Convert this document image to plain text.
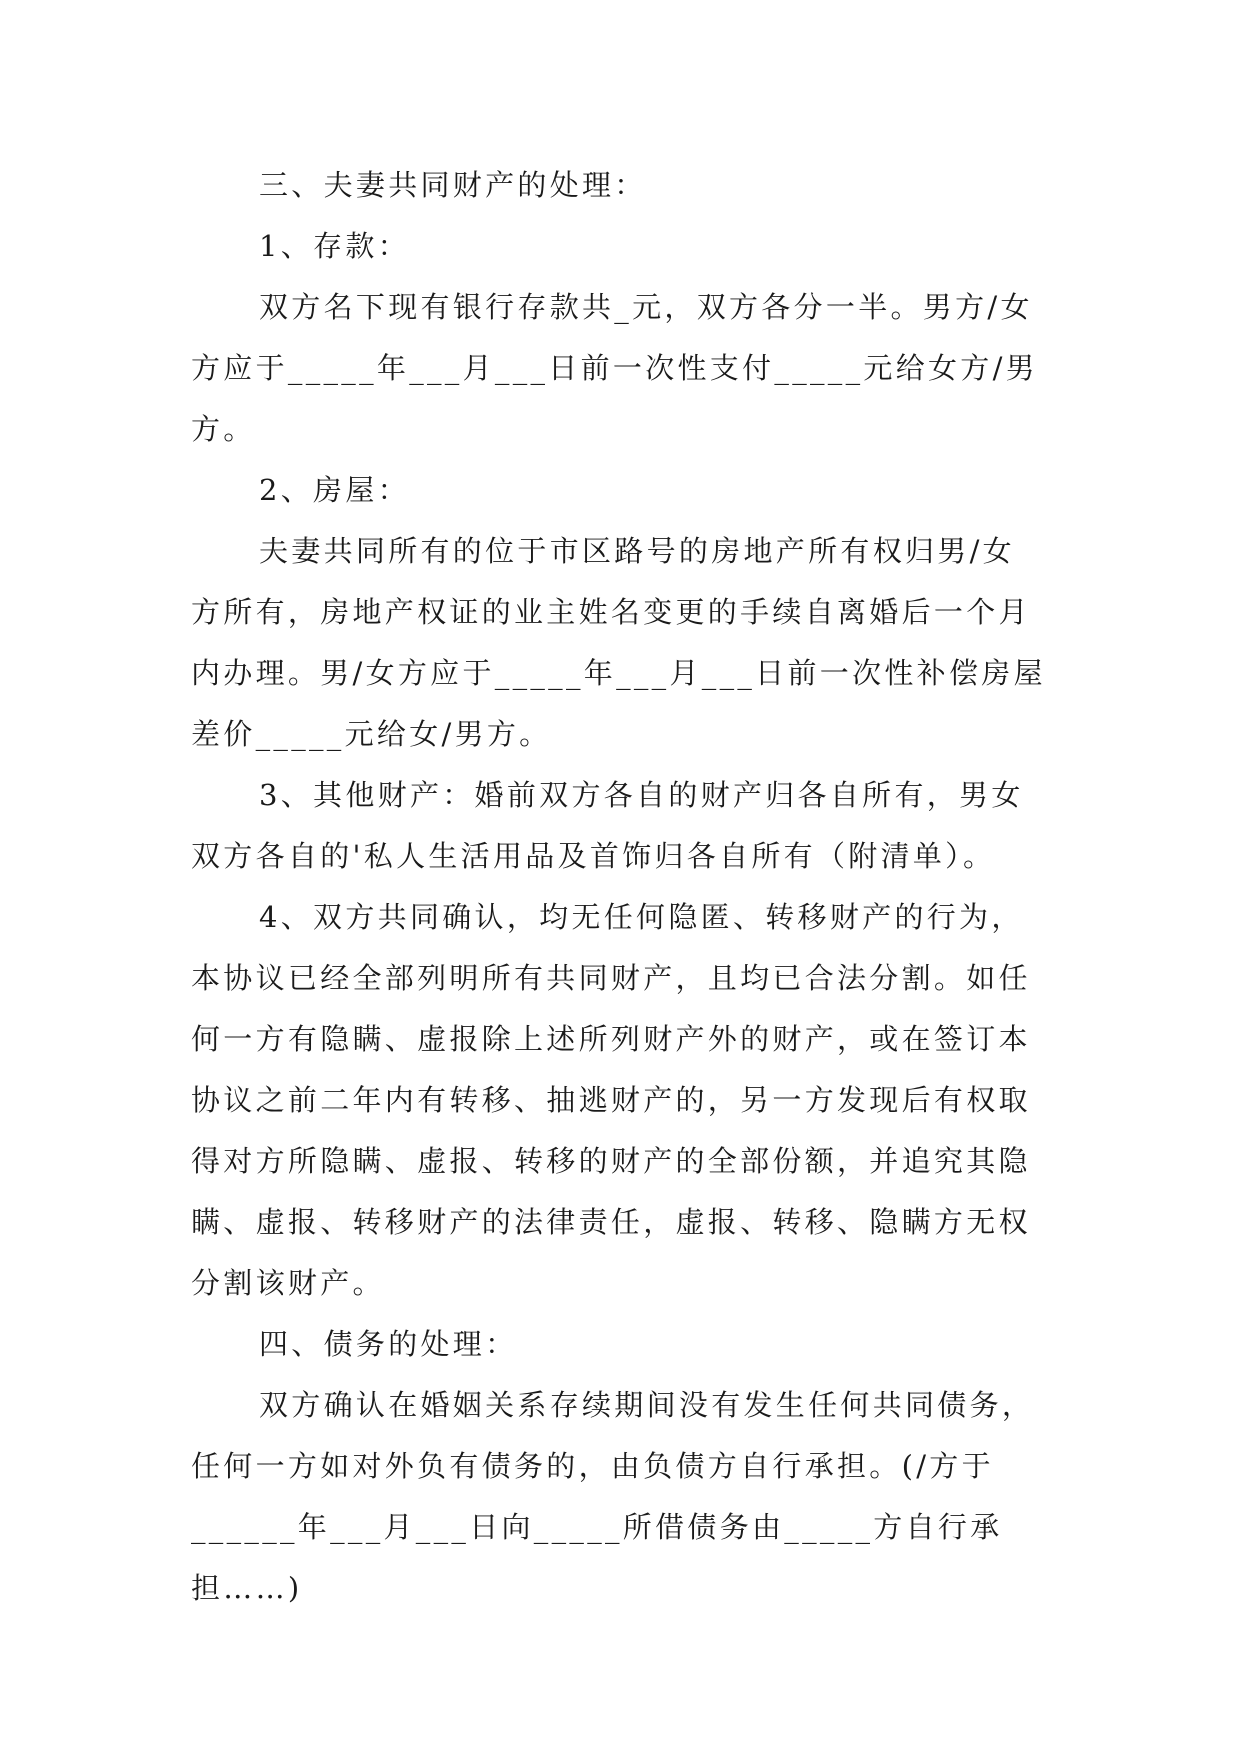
三、夫妻共同财产的处理：

1、存款：

双方名下现有银行存款共_元，双方各分一半。男方/女

方应于_____年___月___日前一次性支付_____元给女方/男

方。

2、房屋：

夫妻共同所有的位于市区路号的房地产所有权归男/女

方所有，房地产权证的业主姓名变更的手续自离婚后一个月

内办理。男/女方应于_____年___月___日前一次性补偿房屋

差价_____元给女/男方。

3、其他财产：婚前双方各自的财产归各自所有，男女

双方各自的'私人生活用品及首饰归各自所有（附清单）。

4、双方共同确认，均无任何隐匿、转移财产的行为，

本协议已经全部列明所有共同财产，且均已合法分割。如任

何一方有隐瞒、虚报除上述所列财产外的财产，或在签订本

协议之前二年内有转移、抽逃财产的，另一方发现后有权取

得对方所隐瞒、虚报、转移的财产的全部份额，并追究其隐

瞒、虚报、转移财产的法律责任，虚报、转移、隐瞒方无权

分割该财产。

四、债务的处理：

双方确认在婚姻关系存续期间没有发生任何共同债务，

任何一方如对外负有债务的，由负债方自行承担。(/方于

______年___月___日向_____所借债务由_____方自行承

担……)
